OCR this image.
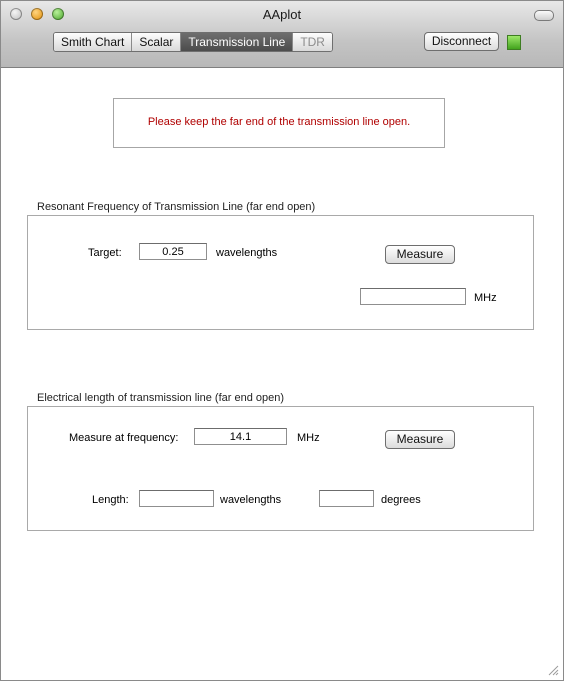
AAplot
Smith Chart	Scalar	Transmission Line	TDR	Disconnect
Please keep the far end of the transmission line open.
Resonant Frequency of Transmission Line (far end open)
Target:
0.25	wavelengths	Measure
MHz
Electrical length of transmission line (far end open)
Measure at frequency:
14.1	MHz	Measure
Length:	wavelengths	degrees
